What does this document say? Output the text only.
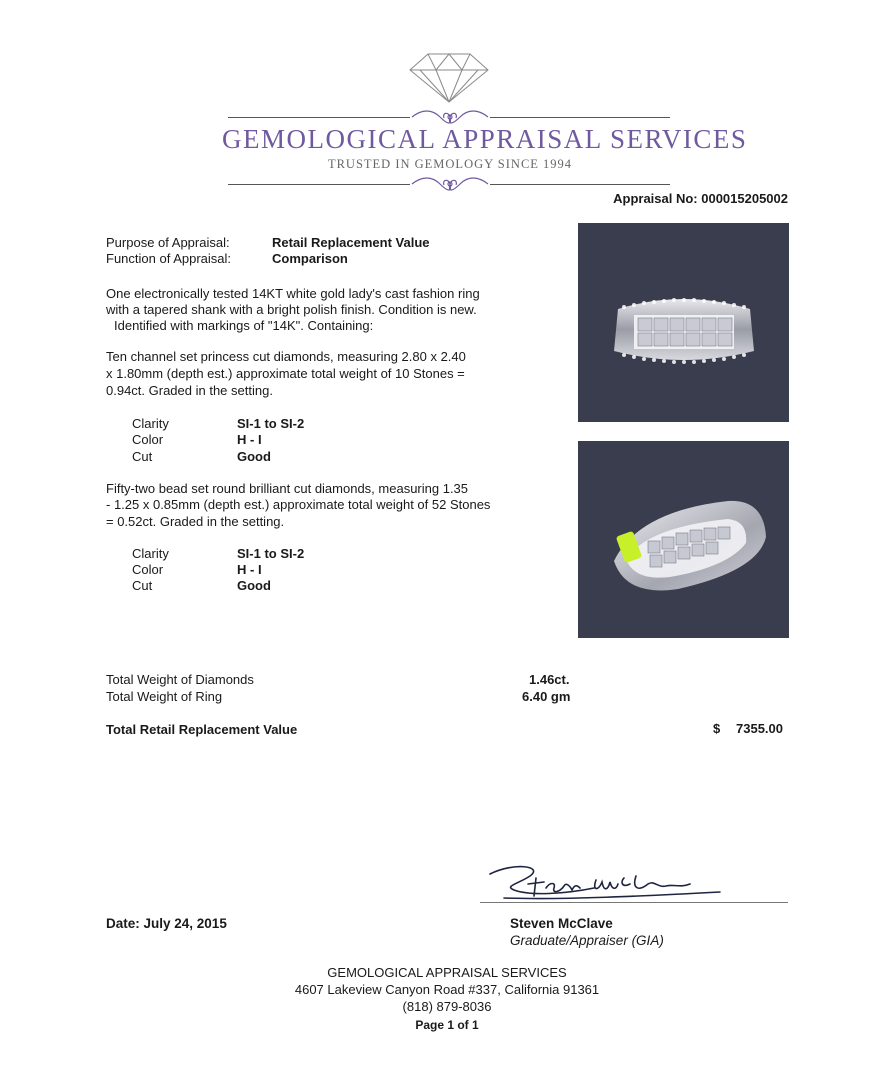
GEMOLOGICAL APPRAISAL SERVICES
TRUSTED IN GEMOLOGY SINCE 1994
Appraisal No: 000015205002
Purpose of Appraisal:	Retail Replacement Value
Function of Appraisal:	Comparison
One electronically tested 14KT white gold lady's cast fashion ring
with a tapered shank with a bright polish finish. Condition is new.
Identified with markings of "14K". Containing:
Ten channel set princess cut diamonds, measuring 2.80 x 2.40
x 1.80mm (depth est.) approximate total weight of 10 Stones =
0.94ct. Graded in the setting.
Clarity	SI-1 to SI-2
Color	H - I
Cut	Good
Fifty-two bead set round brilliant cut diamonds, measuring 1.35
- 1.25 x 0.85mm (depth est.) approximate total weight of 52 Stones
= 0.52ct. Graded in the setting.
Clarity	SI-1 to SI-2
Color	H - I
Cut	Good
Total Weight of Diamonds	1.46ct.
Total Weight of Ring	6.40 gm
Total Retail Replacement Value	$ 7355.00
Date: July 24, 2015	Steven McClave
Graduate/Appraiser (GIA)
GEMOLOGICAL APPRAISAL SERVICES
4607 Lakeview Canyon Road #337, California 91361
(818) 879-8036
Page 1 of 1
